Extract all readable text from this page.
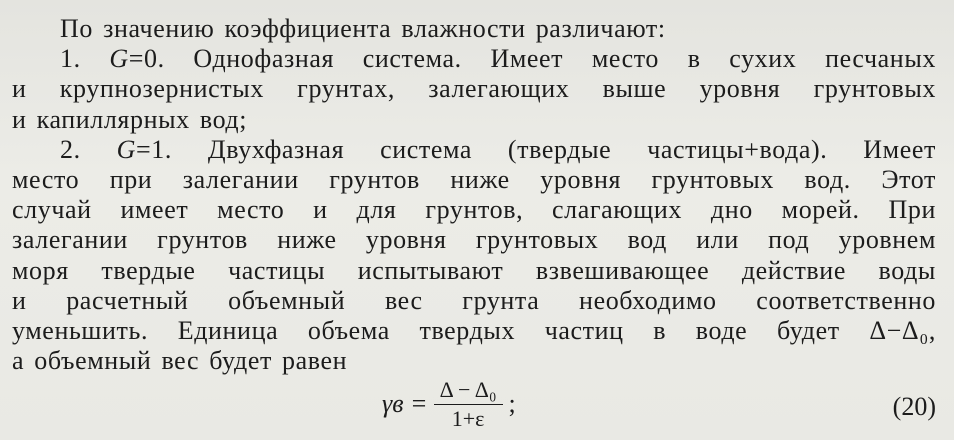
По значению коэффициента влажности различают:
1. G=0. Однофазная система. Имеет место в сухих песчаных
и крупнозернистых грунтах, залегающих выше уровня грунтовых
и капиллярных вод;
2. G=1. Двухфазная система (твердые частицы+вода). Имеет
место при залегании грунтов ниже уровня грунтовых вод. Этот
случай имеет место и для грунтов, слагающих дно морей. При
залегании грунтов ниже уровня грунтовых вод или под уровнем
моря твердые частицы испытывают взвешивающее действие воды
и расчетный объемный вес грунта необходимо соответственно
уменьшить. Единица объема твердых частиц в воде будет Δ−Δ₀,
а объемный вес будет равен
$\gamma в = \frac{\text{Δ − Δ₀}}{1+\varepsilon}$ ;	(20)
